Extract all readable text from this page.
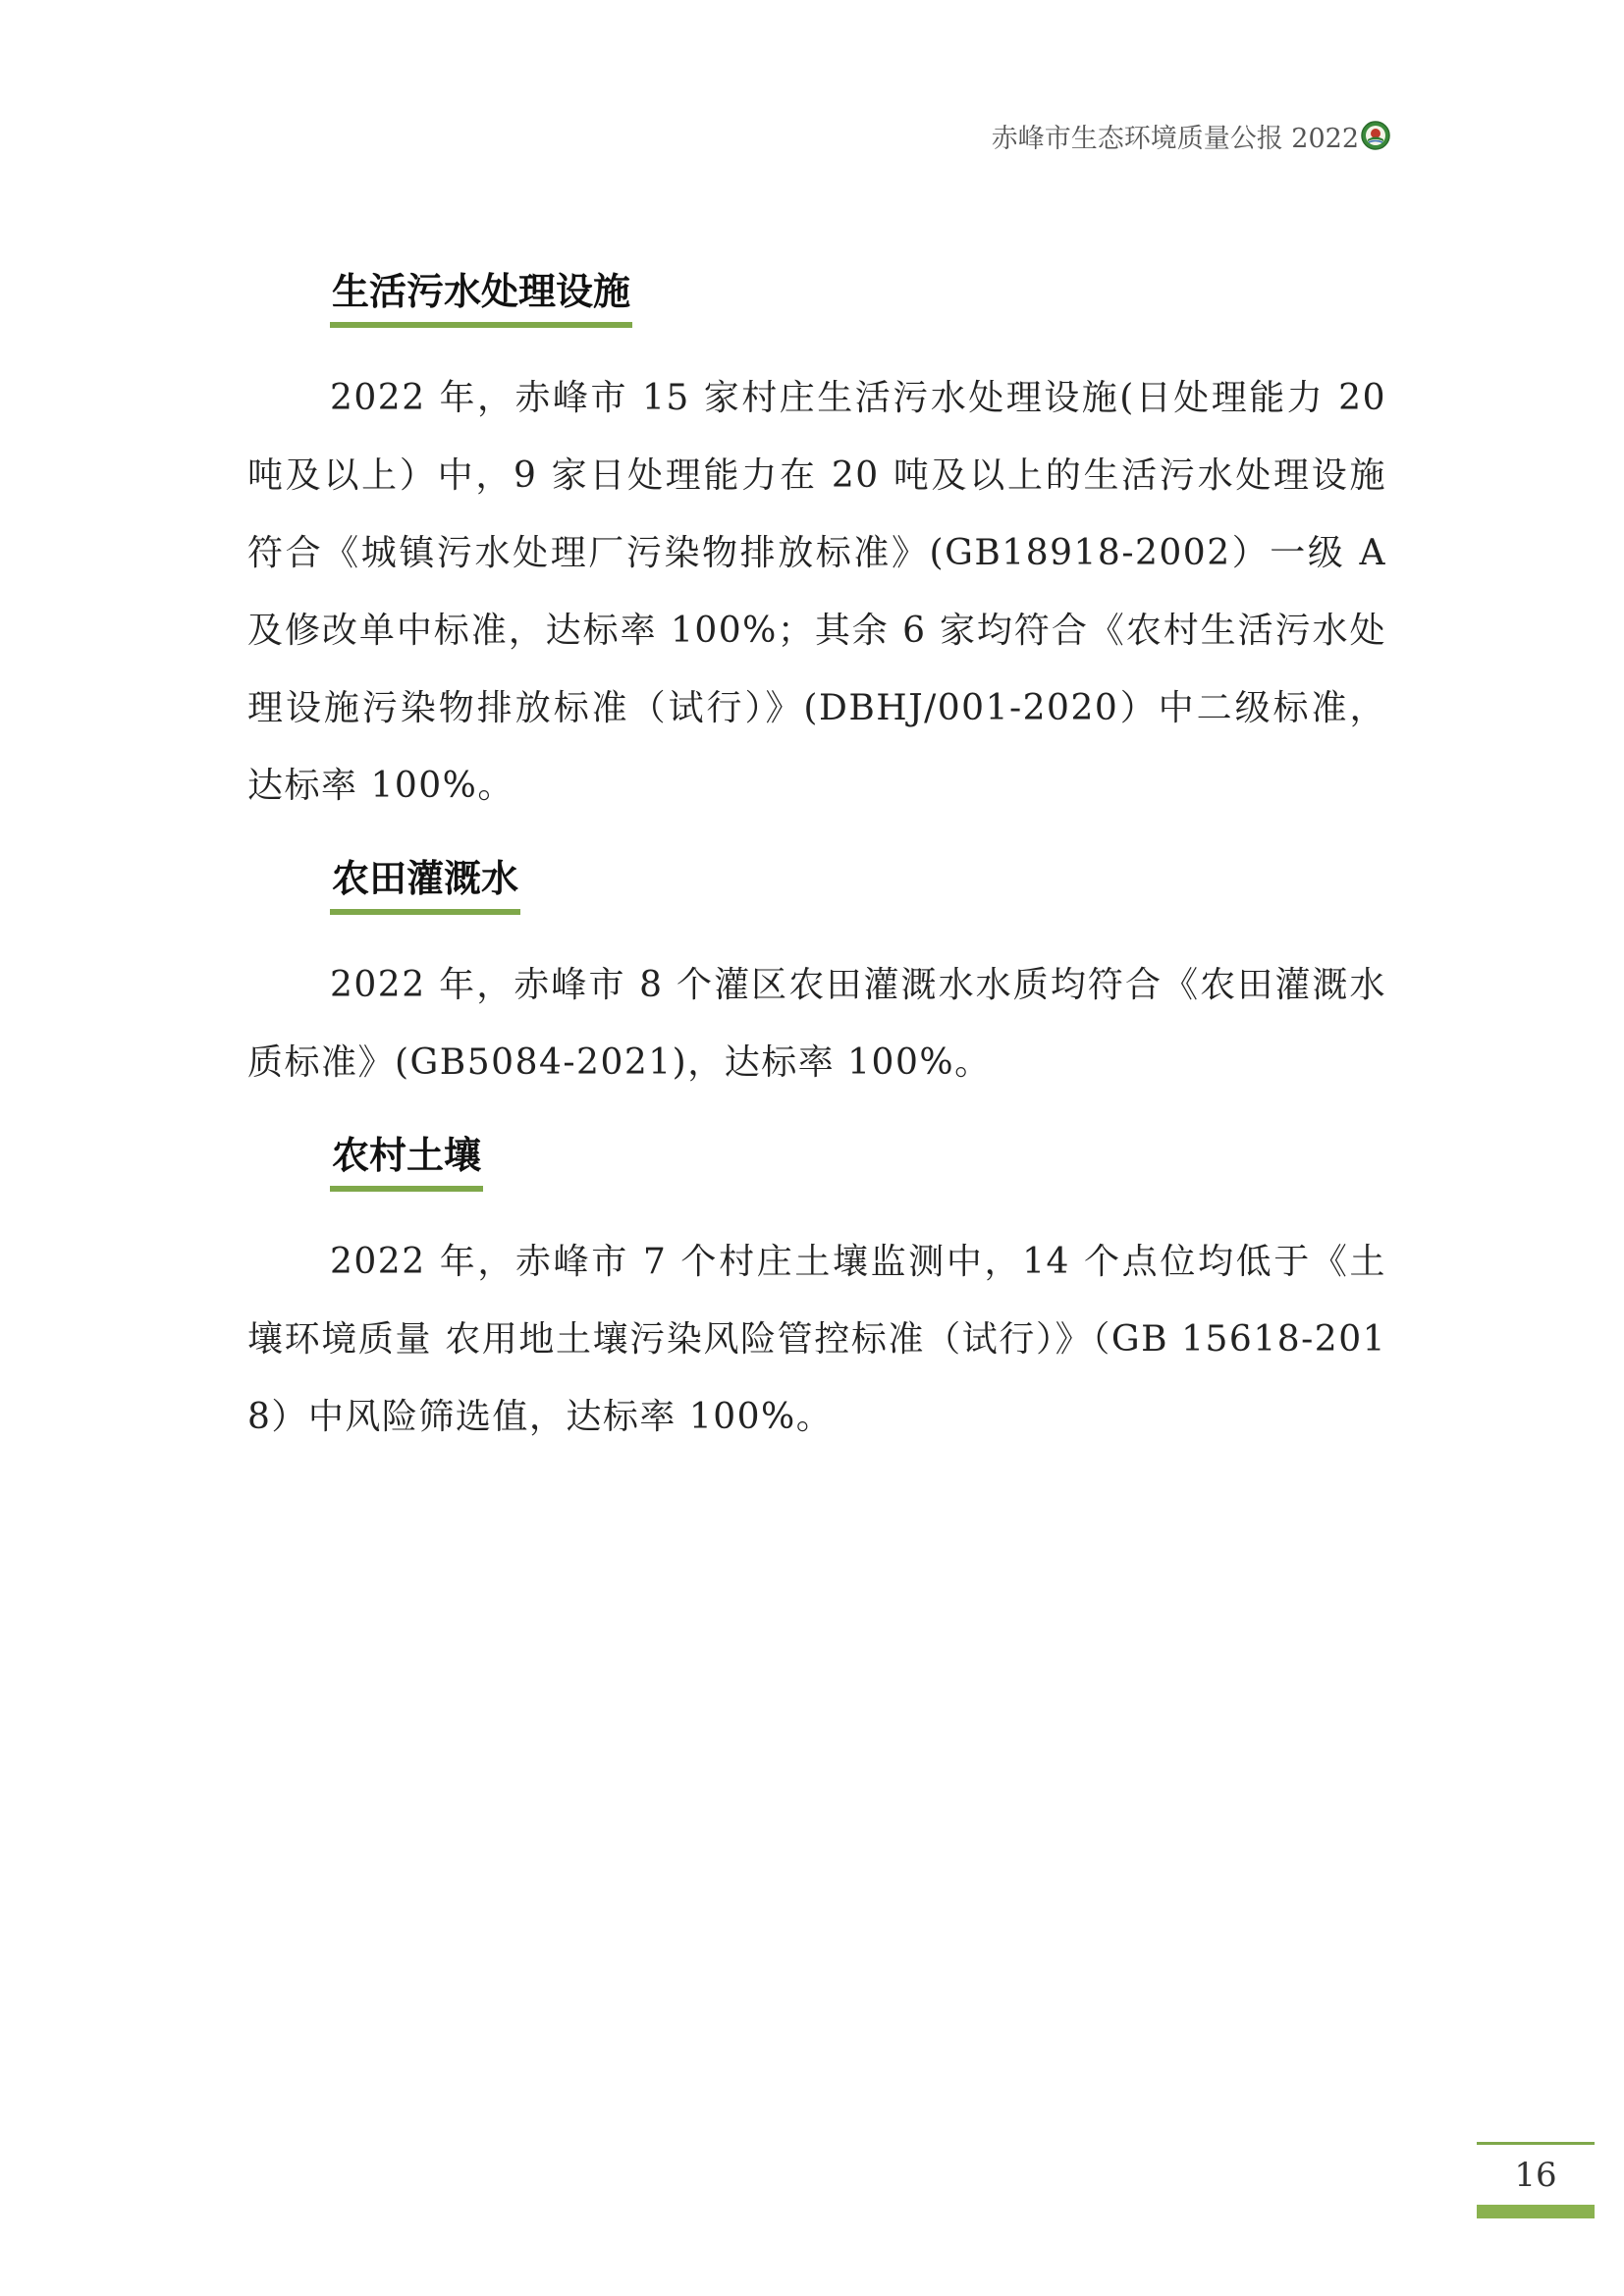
赤峰市生态环境质量公报 2022
生活污水处理设施

2022 年，赤峰市 15 家村庄生活污水处理设施(日处理能力 20 吨及以上）中，9 家日处理能力在 20 吨及以上的生活污水处理设施符合《城镇污水处理厂污染物排放标准》(GB18918-2002）一级 A 及修改单中标准，达标率 100%；其余 6 家均符合《农村生活污水处理设施污染物排放标准（试行）》(DBHJ/001-2020）中二级标准，达标率 100%。

农田灌溉水

2022 年，赤峰市 8 个灌区农田灌溉水水质均符合《农田灌溉水质标准》(GB5084-2021)，达标率 100%。

农村土壤

2022 年，赤峰市 7 个村庄土壤监测中，14 个点位均低于《土壤环境质量 农用地土壤污染风险管控标准（试行）》（GB 15618-2018）中风险筛选值，达标率 100%。

16
